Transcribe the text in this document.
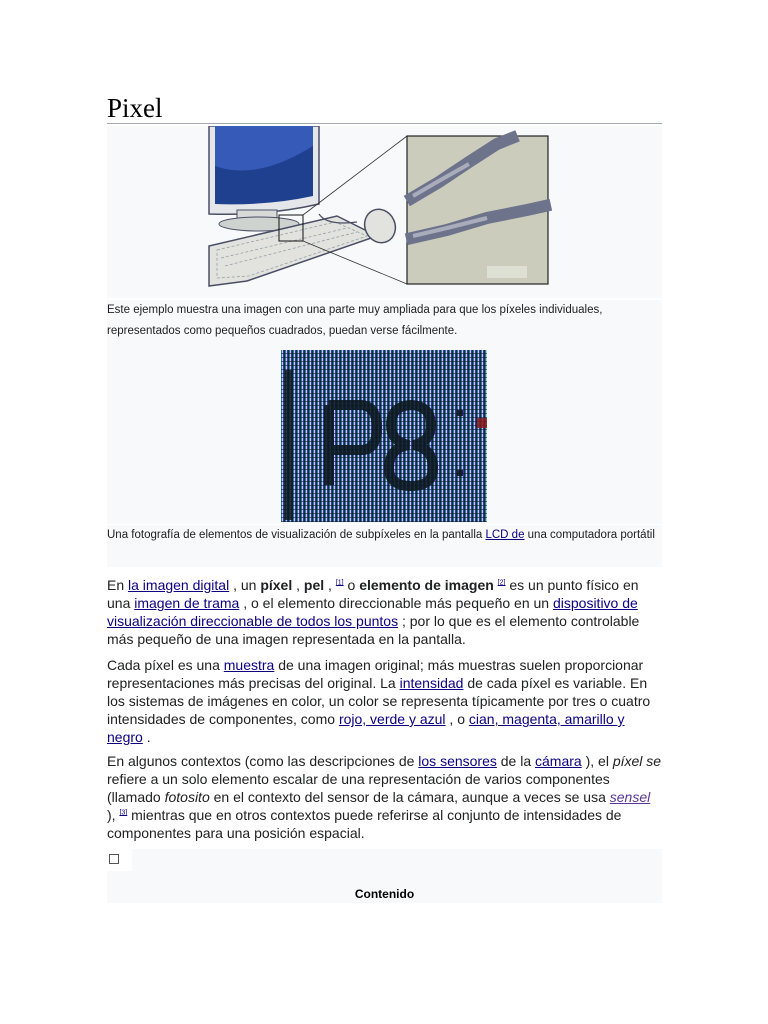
Pixel
Este ejemplo muestra una imagen con una parte muy ampliada para que los píxeles individuales, representados como pequeños cuadrados, puedan verse fácilmente.
Una fotografía de elementos de visualización de subpíxeles en la pantalla LCD de una computadora portátil

En la imagen digital , un píxel , pel , [1] o elemento de imagen [2] es un punto físico en una imagen de trama , o el elemento direccionable más pequeño en un dispositivo de visualización direccionable de todos los puntos ; por lo que es el elemento controlable más pequeño de una imagen representada en la pantalla.

Cada píxel es una muestra de una imagen original; más muestras suelen proporcionar representaciones más precisas del original. La intensidad de cada píxel es variable. En los sistemas de imágenes en color, un color se representa típicamente por tres o cuatro intensidades de componentes, como rojo, verde y azul , o cian, magenta, amarillo y negro .

En algunos contextos (como las descripciones de los sensores de la cámara ), el píxel se refiere a un solo elemento escalar de una representación de varios componentes (llamado fotosito en el contexto del sensor de la cámara, aunque a veces se usa sensel ), [3] mientras que en otros contextos puede referirse al conjunto de intensidades de componentes para una posición espacial.

Contenido
